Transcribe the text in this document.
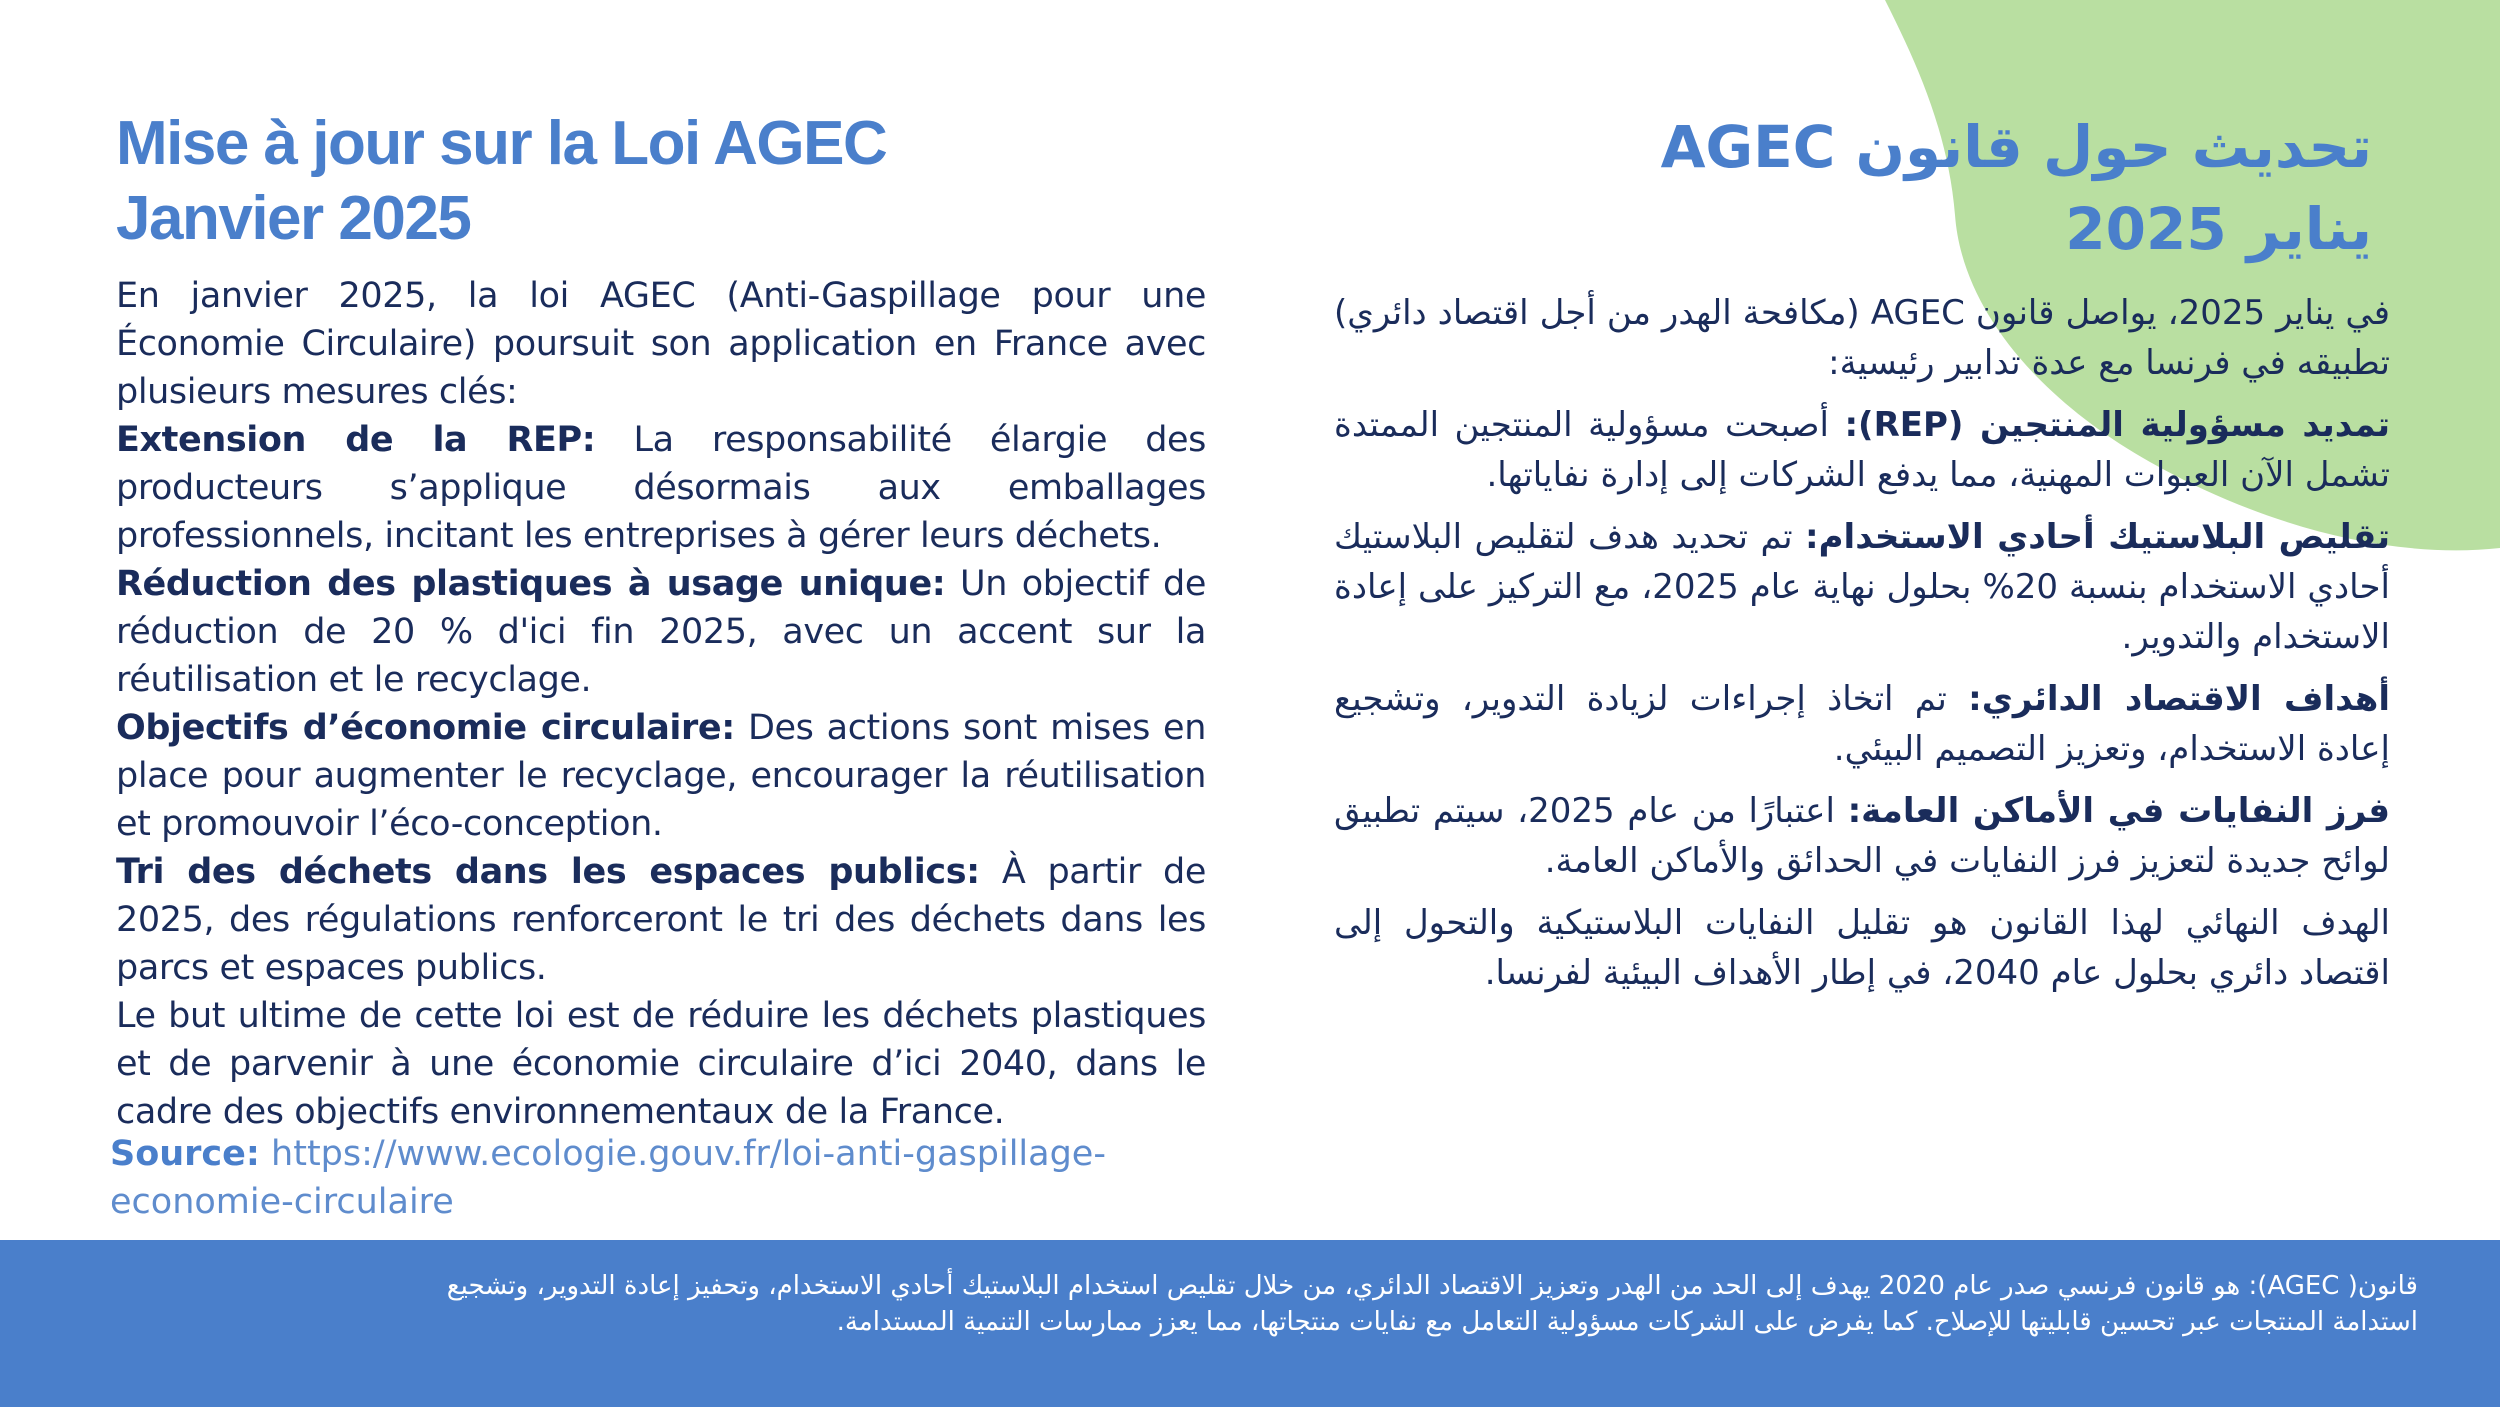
Mise à jour sur la Loi AGEC
Janvier 2025

En janvier 2025, la loi AGEC (Anti-Gaspillage pour une Économie Circulaire) poursuit son application en France avec plusieurs mesures clés:

Extension de la REP: La responsabilité élargie des producteurs s’applique désormais aux emballages professionnels, incitant les entreprises à gérer leurs déchets.

Réduction des plastiques à usage unique: Un objectif de réduction de 20 % d'ici fin 2025, avec un accent sur la réutilisation et le recyclage.

Objectifs d’économie circulaire: Des actions sont mises en place pour augmenter le recyclage, encourager la réutilisation et promouvoir l’éco-conception.

Tri des déchets dans les espaces publics: À partir de 2025, des régulations renforceront le tri des déchets dans les parcs et espaces publics.

Le but ultime de cette loi est de réduire les déchets plastiques et de parvenir à une économie circulaire d’ici 2040, dans le cadre des objectifs environnementaux de la France.

Source: https://www.ecologie.gouv.fr/loi-anti-gaspillage-
economie-circulaire
تحديث حول قانون AGEC
يناير 2025

في يناير 2025، يواصل قانون AGEC (مكافحة الهدر من أجل اقتصاد دائري) تطبيقه في فرنسا مع عدة تدابير رئيسية:

تمديد مسؤولية المنتجين (REP): أصبحت مسؤولية المنتجين الممتدة تشمل الآن العبوات المهنية، مما يدفع الشركات إلى إدارة نفاياتها.

تقليص البلاستيك أحادي الاستخدام: تم تحديد هدف لتقليص البلاستيك أحادي الاستخدام بنسبة 20% بحلول نهاية عام 2025، مع التركيز على إعادة الاستخدام والتدوير.

أهداف الاقتصاد الدائري: تم اتخاذ إجراءات لزيادة التدوير، وتشجيع إعادة الاستخدام، وتعزيز التصميم البيئي.

فرز النفايات في الأماكن العامة: اعتبارًا من عام 2025، سيتم تطبيق لوائح جديدة لتعزيز فرز النفايات في الحدائق والأماكن العامة.

الهدف النهائي لهذا القانون هو تقليل النفايات البلاستيكية والتحول إلى اقتصاد دائري بحلول عام 2040، في إطار الأهداف البيئية لفرنسا.

قانون( AGEC): هو قانون فرنسي صدر عام 2020 يهدف إلى الحد من الهدر وتعزيز الاقتصاد الدائري، من خلال تقليص استخدام البلاستيك أحادي الاستخدام، وتحفيز إعادة التدوير، وتشجيع
استدامة المنتجات عبر تحسين قابليتها للإصلاح. كما يفرض على الشركات مسؤولية التعامل مع نفايات منتجاتها، مما يعزز ممارسات التنمية المستدامة.
